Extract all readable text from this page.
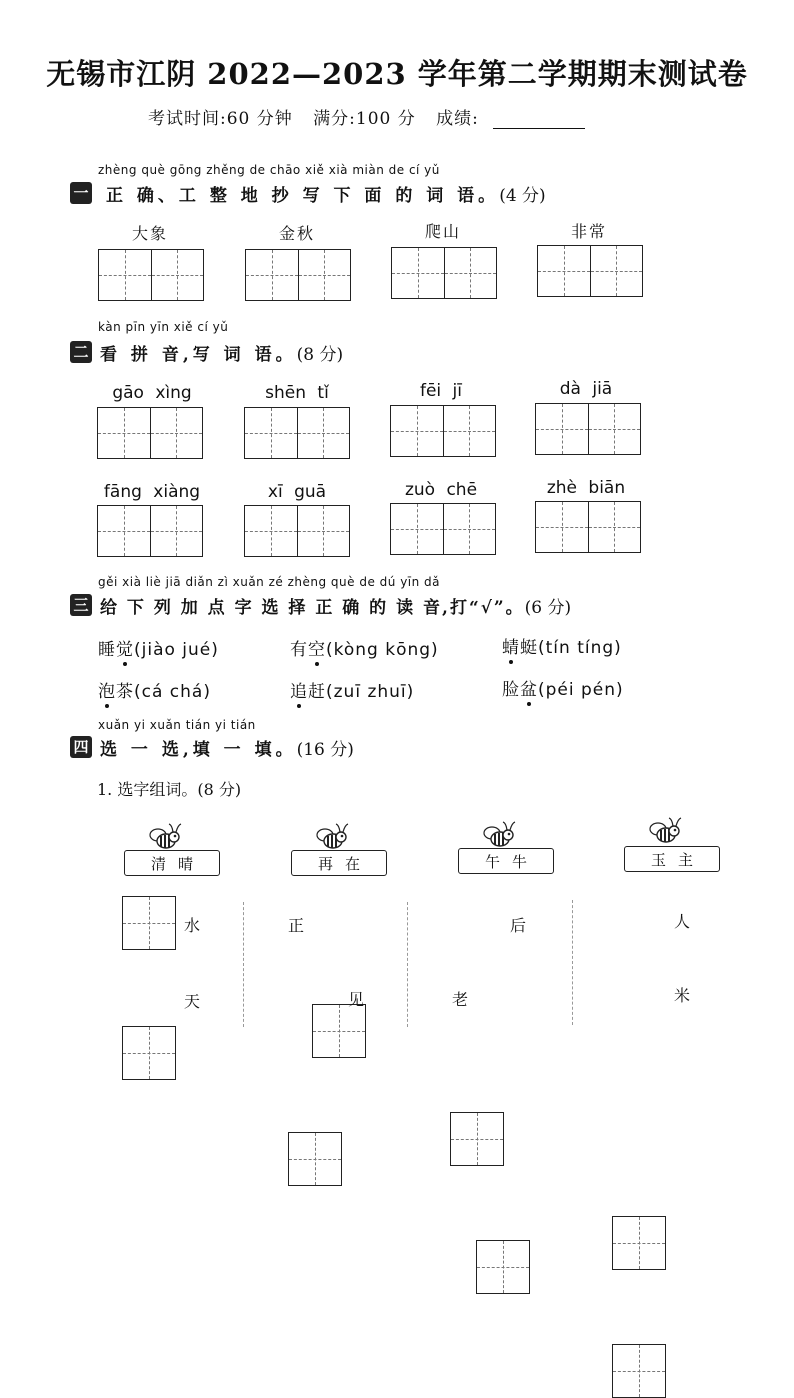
无锡市江阴 2022—2023 学年第二学期期末测试卷
考试时间:60 分钟 满分:100 分 成绩:
zhèng què gōng zhěng de chāo xiě xià miàn de cí yǔ
一 正 确、工 整 地 抄 写 下 面 的 词 语。(4 分)
大象	金秋	爬山	非常
kàn pīn yīn xiě cí yǔ
二 看 拼 音,写 词 语。(8 分)
gāo xìng	shēn tǐ	fēi jī	dà jiā
fāng xiàng	xī guā	zuò chē	zhè biān
gěi xià liè jiā diǎn zì xuǎn zé zhèng què de dú yīn dǎ
三 给 下 列 加 点 字 选 择 正 确 的 读 音,打“√”。(6 分)
睡觉(jiào jué)	有空(kòng kōng)	蜻蜓(tín tíng)
泡茶(cá chá)	追赶(zuī zhuī)	脸盆(péi pén)
xuǎn yi xuǎn tián yi tián
四 选 一 选,填 一 填。(16 分)
1. 选字组词。(8 分)
清晴	再在	午牛	玉主
水
天
正
见
后
老
人
米
